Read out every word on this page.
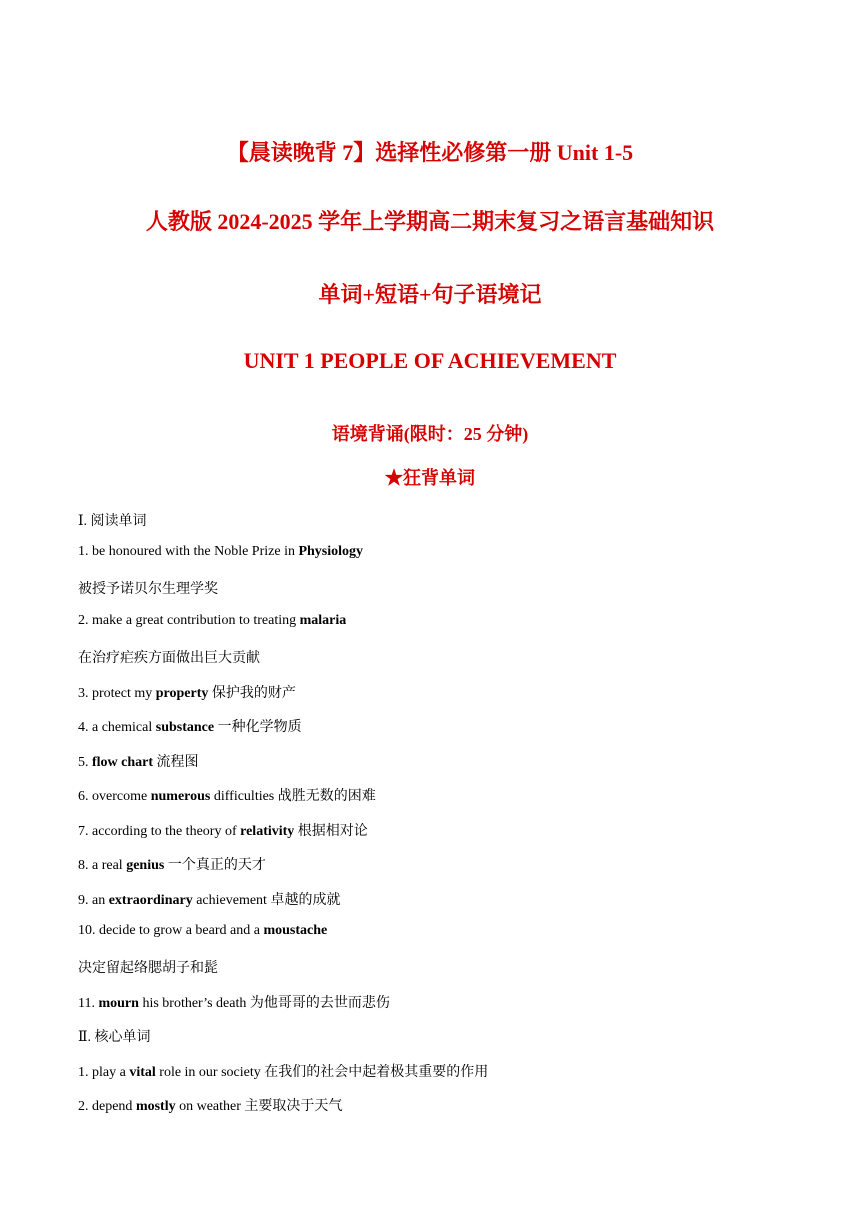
【晨读晚背 7】选择性必修第一册 Unit 1-5
人教版 2024-2025 学年上学期高二期末复习之语言基础知识
单词+短语+句子语境记
UNIT 1 PEOPLE OF ACHIEVEMENT
语境背诵(限时：25 分钟)
★狂背单词
Ⅰ. 阅读单词
1. be honoured with the Noble Prize in Physiology
被授予诺贝尔生理学奖
2. make a great contribution to treating malaria
在治疗疟疾方面做出巨大贡献
3. protect my property 保护我的财产
4. a chemical substance 一种化学物质
5. flow chart 流程图
6. overcome numerous difficulties 战胜无数的困难
7. according to the theory of relativity 根据相对论
8. a real genius 一个真正的天才
9. an extraordinary achievement 卓越的成就
10. decide to grow a beard and a moustache
决定留起络腮胡子和髭
11. mourn his brother’s death 为他哥哥的去世而悲伤
Ⅱ. 核心单词
1. play a vital role in our society 在我们的社会中起着极其重要的作用
2. depend mostly on weather 主要取决于天气
